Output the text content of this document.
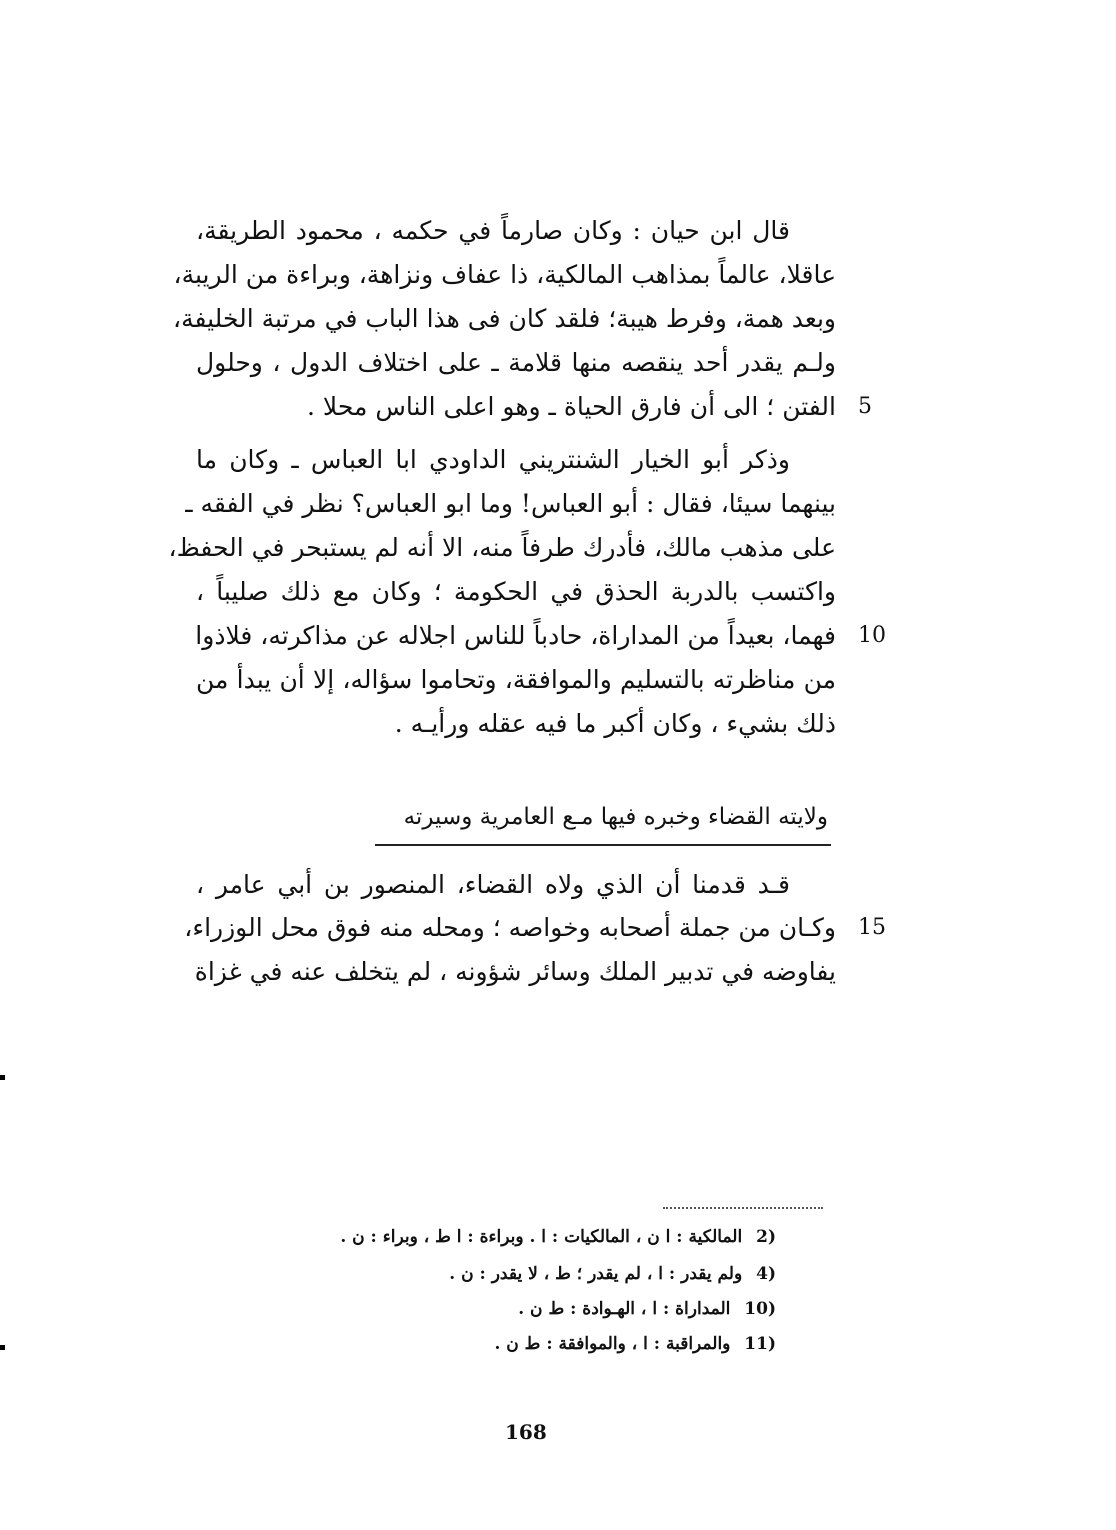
قال ابن حيان : وكان صارماً في حكمه ، محمود الطريقة،
عاقلا، عالماً بمذاهب المالكية، ذا عفاف ونزاهة، وبراءة من الريبة،
وبعد همة، وفرط هيبة؛ فلقد كان فى هذا الباب في مرتبة الخليفة،
ولـم يقدر أحد ينقصه منها قلامة ـ على اختلاف الدول ، وحلول
الفتن ؛ الى أن فارق الحياة ـ وهو اعلى الناس محلا . 5
وذكر أبو الخيار الشنتريني الداودي ابا العباس ـ وكان ما
بينهما سيئا، فقال : أبو العباس! وما ابو العباس؟ نظر في الفقه ـ
على مذهب مالك، فأدرك طرفاً منه، الا أنه لم يستبحر في الحفظ،
واكتسب بالدربة الحذق في الحكومة ؛ وكان مع ذلك صليباً ،
فهما، بعيداً من المداراة، حادباً للناس اجلاله عن مذاكرته، فلاذوا 10
من مناظرته بالتسليم والموافقة، وتحاموا سؤاله، إلا أن يبدأ من
ذلك بشيء ، وكان أكبر ما فيه عقله ورأيـه .
ولايته القضاء وخبره فيها مـع العامرية وسيرته
قـد قدمنا أن الذي ولاه القضاء، المنصور بن أبي عامر ،
وكـان من جملة أصحابه وخواصه ؛ ومحله منه فوق محل الوزراء، 15
يفاوضه في تدبير الملك وسائر شؤونه ، لم يتخلف عنه في غزاة
2) المالكية : ا ن ، المالكيات : ا . وبراءة : ا ط ، وبراء : ن .
4) ولم يقدر : ا ، لم يقدر ؛ ط ، لا يقدر : ن .
10) المداراة : ا ، الهـوادة : ط ن .
11) والمراقبة : ا ، والموافقة : ط ن .
168
